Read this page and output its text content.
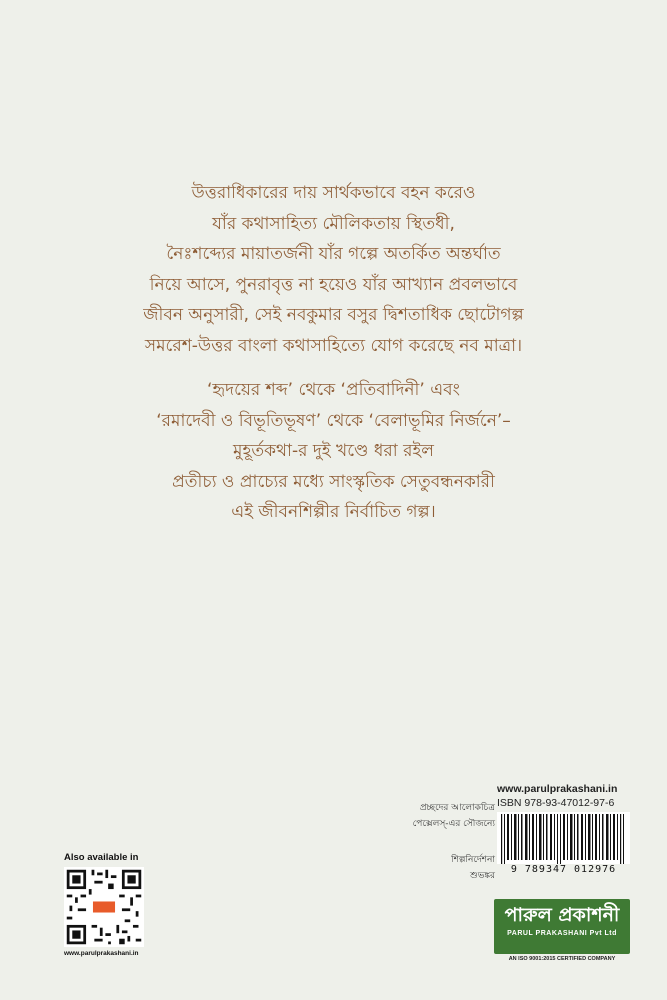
উত্তরাধিকারের দায় সার্থকভাবে বহন করেও

যাঁর কথাসাহিত্য মৌলিকতায় স্থিতধী,

নৈঃশব্দ্যের মায়াতর্জনী যাঁর গল্পে অতর্কিত অন্তর্ঘাত

নিয়ে আসে, পুনরাবৃত্ত না হয়েও যাঁর আখ্যান প্রবলভাবে

জীবন অনুসারী, সেই নবকুমার বসুর দ্বিশতাধিক ছোটোগল্প

সমরেশ-উত্তর বাংলা কথাসাহিত্যে যোগ করেছে নব মাত্রা।

‘হৃদয়ের শব্দ’ থেকে ‘প্রতিবাদিনী’ এবং

‘রমাদেবী ও বিভূতিভূষণ’ থেকে ‘বেলাভূমির নির্জনে’–

মুহূর্তকথা-র দুই খণ্ডে ধরা রইল

প্রতীচ্য ও প্রাচ্যের মধ্যে সাংস্কৃতিক সেতুবন্ধনকারী

এই জীবনশিল্পীর নির্বাচিত গল্প।

প্রচ্ছদের আলোকচিত্র
পেক্সেলস্-এর সৌজন্যে
শিল্পনির্দেশনা
শুভঙ্কর
Also available in
www.parulprakashani.in
www.parulprakashani.in
ISBN 978-93-47012-97-6
9 789347 012976
পারুল প্রকাশনী
PARUL PRAKASHANI Pvt Ltd
AN ISO 9001:2015 CERTIFIED COMPANY
